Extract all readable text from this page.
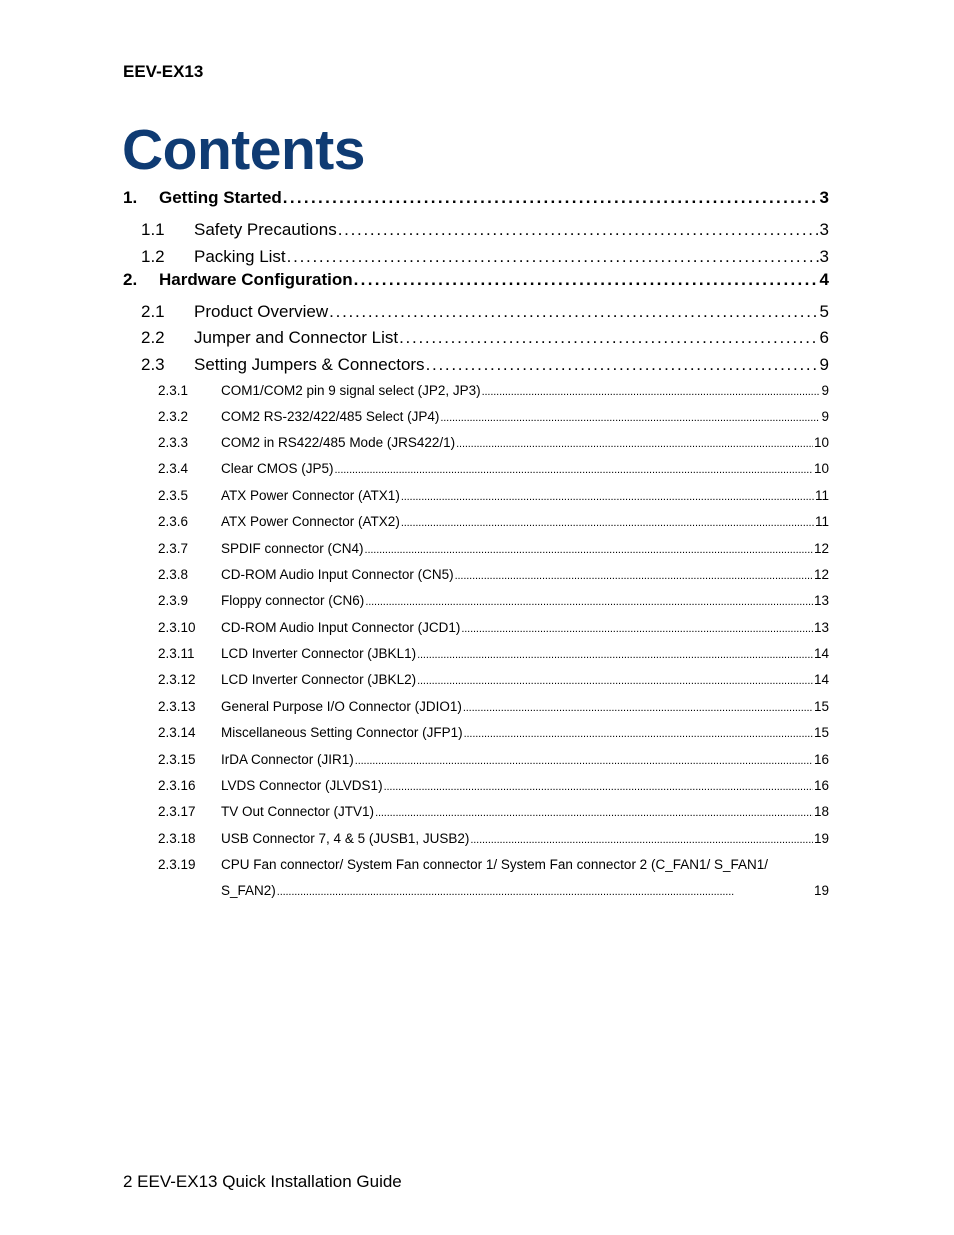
EEV-EX13
Contents
1.	Getting Started . . .	3
1.1	Safety Precautions . . .	3
1.2	Packing List . . .	3
2.	Hardware Configuration . . .	4
2.1	Product Overview . . .	5
2.2	Jumper and Connector List . . .	6
2.3	Setting Jumpers & Connectors . . .	9
2.3.1	COM1/COM2 pin 9 signal select (JP2, JP3) . . .	9
2.3.2	COM2 RS-232/422/485 Select (JP4) . . .	9
2.3.3	COM2 in RS422/485 Mode (JRS422/1) . . .	10
2.3.4	Clear CMOS (JP5) . . .	10
2.3.5	ATX Power Connector (ATX1) . . .	11
2.3.6	ATX Power Connector (ATX2) . . .	11
2.3.7	SPDIF connector (CN4) . . .	12
2.3.8	CD-ROM Audio Input Connector (CN5) . . .	12
2.3.9	Floppy connector (CN6) . . .	13
2.3.10	CD-ROM Audio Input Connector (JCD1) . . .	13
2.3.11	LCD Inverter Connector (JBKL1) . . .	14
2.3.12	LCD Inverter Connector (JBKL2) . . .	14
2.3.13	General Purpose I/O Connector (JDIO1) . . .	15
2.3.14	Miscellaneous Setting Connector (JFP1) . . .	15
2.3.15	IrDA Connector (JIR1) . . .	16
2.3.16	LVDS Connector (JLVDS1) . . .	16
2.3.17	TV Out Connector (JTV1) . . .	18
2.3.18	USB Connector 7, 4 & 5 (JUSB1, JUSB2) . . .	19
2.3.19 CPU Fan connector/ System Fan connector 1/ System Fan connector 2 (C_FAN1/ S_FAN1/
S_FAN2) . . .	19
2 EEV-EX13 Quick Installation Guide
